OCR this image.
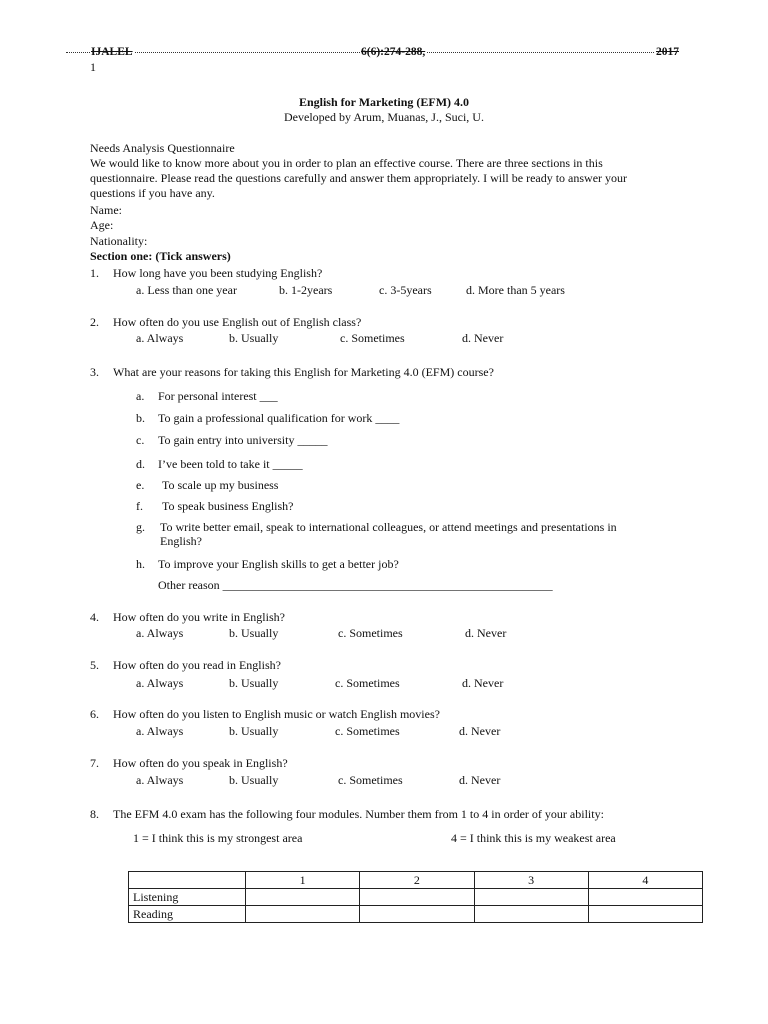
IJALEL	6(6):274-288,	2017
1
English for Marketing (EFM) 4.0
Developed by Arum, Muanas, J., Suci, U.
Needs Analysis Questionnaire
We would like to know more about you in order to plan an effective course. There are three sections in this
questionnaire. Please read the questions carefully and answer them appropriately. I will be ready to answer your
questions if you have any.
Name:
Age:
Nationality:
Section one: (Tick answers)
1. How long have you been studying English?
a. Less than one year	b. 1-2years	c. 3-5years	d. More than 5 years
2. How often do you use English out of English class?
a. Always	b. Usually	c. Sometimes	d. Never
3. What are your reasons for taking this English for Marketing 4.0 (EFM) course?
a. For personal interest ___
b. To gain a professional qualification for work ____
c. To gain entry into university _____
d. I’ve been told to take it _____
e. To scale up my business
f. To speak business English?
g. To write better email, speak to international colleagues, or attend meetings and presentations in
English?
h. To improve your English skills to get a better job?
Other reason _______________________________________________________
4. How often do you write in English?
a. Always	b. Usually	c. Sometimes	d. Never
5. How often do you read in English?
a. Always	b. Usually	c. Sometimes	d. Never
6. How often do you listen to English music or watch English movies?
a. Always	b. Usually	c. Sometimes	d. Never
7. How often do you speak in English?
a. Always	b. Usually	c. Sometimes	d. Never
8. The EFM 4.0 exam has the following four modules. Number them from 1 to 4 in order of your ability:
1 = I think this is my strongest area	4 = I think this is my weakest area
	1	2	3	4
Listening				
Reading				
